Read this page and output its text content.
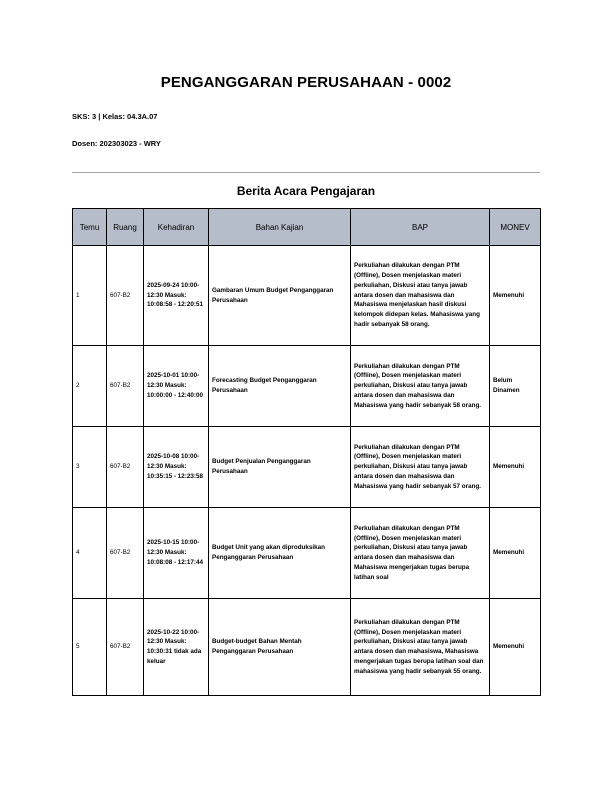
PENGANGGARAN PERUSAHAAN - 0002
SKS: 3 | Kelas: 04.3A.07
Dosen: 202303023 - WRY
Berita Acara Pengajaran
Temu	Ruang	Kehadiran	Bahan Kajian	BAP	MONEV
1	607-B2	2025-09-24 10:00-12:30 Masuk: 10:08:58 - 12:20:51	Gambaran Umum Budget Penganggaran Perusahaan	Perkuliahan dilakukan dengan PTM (Offline), Dosen menjelaskan materi perkuliahan, Diskusi atau tanya jawab antara dosen dan mahasiswa dan Mahasiswa menjelaskan hasil diskusi kelompok didepan kelas. Mahasiswa yang hadir sebanyak 58 orang.	Memenuhi
2	607-B2	2025-10-01 10:00-12:30 Masuk: 10:00:00 - 12:40:00	Forecasting Budget Penganggaran Perusahaan	Perkuliahan dilakukan dengan PTM (Offline), Dosen menjelaskan materi perkuliahan, Diskusi atau tanya jawab antara dosen dan mahasiswa dan Mahasiswa yang hadir sebanyak 58 orang.	Belum Dinamen
3	607-B2	2025-10-08 10:00-12:30 Masuk: 10:35:15 - 12:23:58	Budget Penjualan Penganggaran Perusahaan	Perkuliahan dilakukan dengan PTM (Offline), Dosen menjelaskan materi perkuliahan, Diskusi atau tanya jawab antara dosen dan mahasiswa dan Mahasiswa yang hadir sebanyak 57 orang.	Memenuhi
4	607-B2	2025-10-15 10:00-12:30 Masuk: 10:08:08 - 12:17:44	Budget Unit yang akan diproduksikan Penganggaran Perusahaan	Perkuliahan dilakukan dengan PTM (Offline), Dosen menjelaskan materi perkuliahan, Diskusi atau tanya jawab antara dosen dan mahasiswa dan Mahasiswa mengerjakan tugas berupa latihan soal	Memenuhi
5	607-B2	2025-10-22 10:00-12:30 Masuk: 10:30:31 tidak ada keluar	Budget-budget Bahan Mentah Penganggaran Perusahaan	Perkuliahan dilakukan dengan PTM (Offline), Dosen menjelaskan materi perkuliahan, Diskusi atau tanya jawab antara dosen dan mahasiswa, Mahasiswa mengerjakan tugas berupa latihan soal dan mahasiswa yang hadir sebanyak 55 orang.	Memenuhi
